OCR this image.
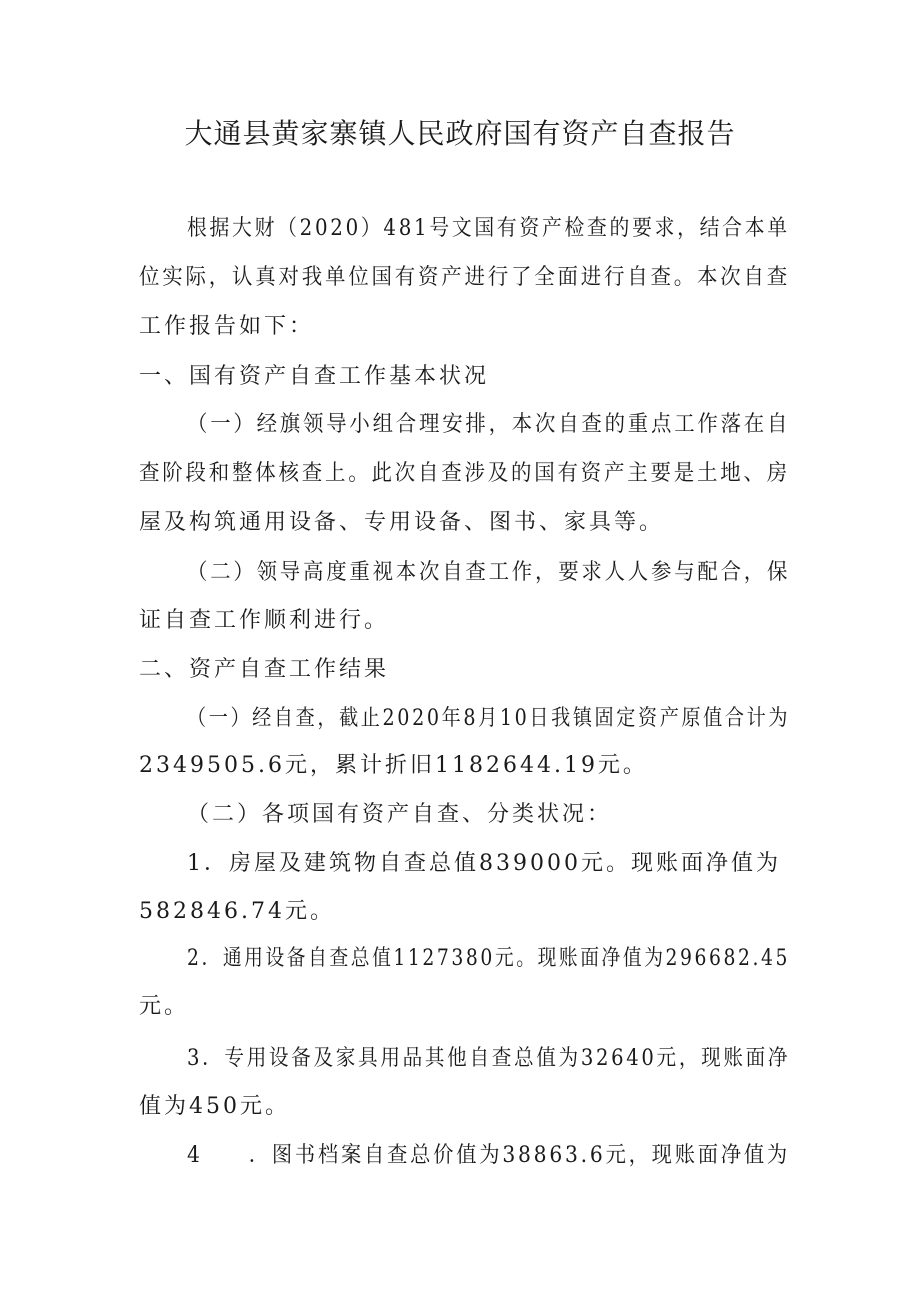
大通县黄家寨镇人民政府国有资产自查报告
根据大财（2020）481号文国有资产检查的要求，结合本单
位实际，认真对我单位国有资产进行了全面进行自查。本次自查
工作报告如下：
一、国有资产自查工作基本状况
（一）经旗领导小组合理安排，本次自查的重点工作落在自
查阶段和整体核查上。此次自查涉及的国有资产主要是土地、房
屋及构筑通用设备、专用设备、图书、家具等。
（二）领导高度重视本次自查工作，要求人人参与配合，保
证自查工作顺利进行。
二、资产自查工作结果
（一）经自查，截止2020年8月10日我镇固定资产原值合计为
2349505.6元，累计折旧1182644.19元。
（二）各项国有资产自查、分类状况：
1．房屋及建筑物自查总值839000元。现账面净值为
582846.74元。
2．通用设备自查总值1127380元。现账面净值为296682.45
元。
3．专用设备及家具用品其他自查总值为32640元，现账面净
值为450元。
4　　．图书档案自查总价值为38863.6元，现账面净值为
